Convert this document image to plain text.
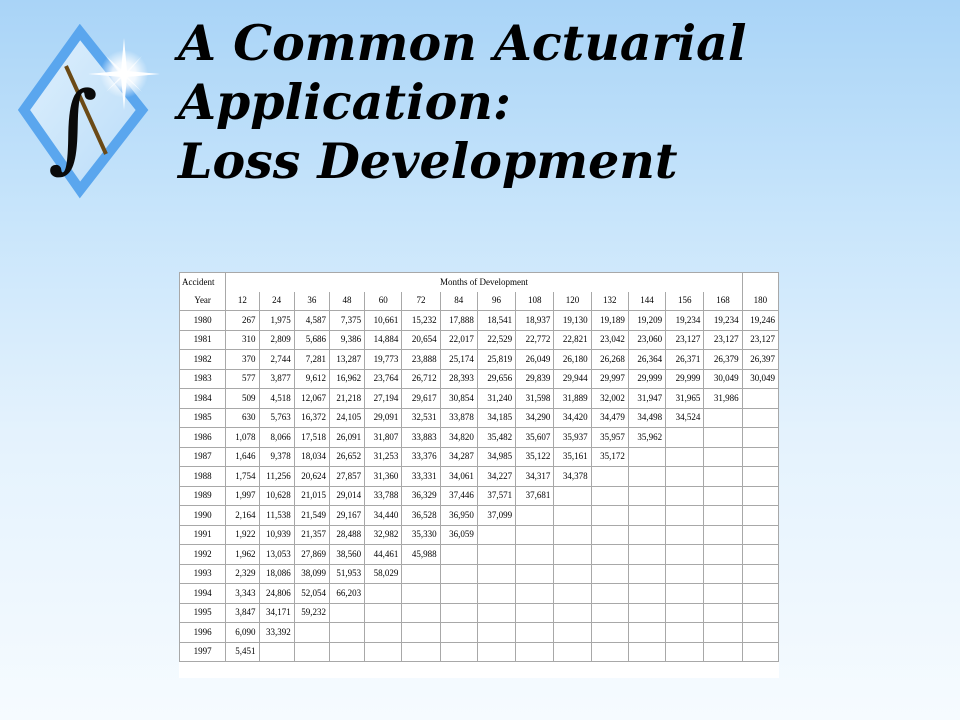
∫
A Common Actuarial
Application:
Loss Development
Accident	Months of Development														
Year	12	24	36	48	60	72	84	96	108	120	132	144	156	168	180
1980	267	1,975	4,587	7,375	10,661	15,232	17,888	18,541	18,937	19,130	19,189	19,209	19,234	19,234	19,246
1981	310	2,809	5,686	9,386	14,884	20,654	22,017	22,529	22,772	22,821	23,042	23,060	23,127	23,127	23,127
1982	370	2,744	7,281	13,287	19,773	23,888	25,174	25,819	26,049	26,180	26,268	26,364	26,371	26,379	26,397
1983	577	3,877	9,612	16,962	23,764	26,712	28,393	29,656	29,839	29,944	29,997	29,999	29,999	30,049	30,049
1984	509	4,518	12,067	21,218	27,194	29,617	30,854	31,240	31,598	31,889	32,002	31,947	31,965	31,986	
1985	630	5,763	16,372	24,105	29,091	32,531	33,878	34,185	34,290	34,420	34,479	34,498	34,524		
1986	1,078	8,066	17,518	26,091	31,807	33,883	34,820	35,482	35,607	35,937	35,957	35,962			
1987	1,646	9,378	18,034	26,652	31,253	33,376	34,287	34,985	35,122	35,161	35,172				
1988	1,754	11,256	20,624	27,857	31,360	33,331	34,061	34,227	34,317	34,378					
1989	1,997	10,628	21,015	29,014	33,788	36,329	37,446	37,571	37,681						
1990	2,164	11,538	21,549	29,167	34,440	36,528	36,950	37,099							
1991	1,922	10,939	21,357	28,488	32,982	35,330	36,059								
1992	1,962	13,053	27,869	38,560	44,461	45,988									
1993	2,329	18,086	38,099	51,953	58,029										
1994	3,343	24,806	52,054	66,203											
1995	3,847	34,171	59,232												
1996	6,090	33,392													
1997	5,451														
